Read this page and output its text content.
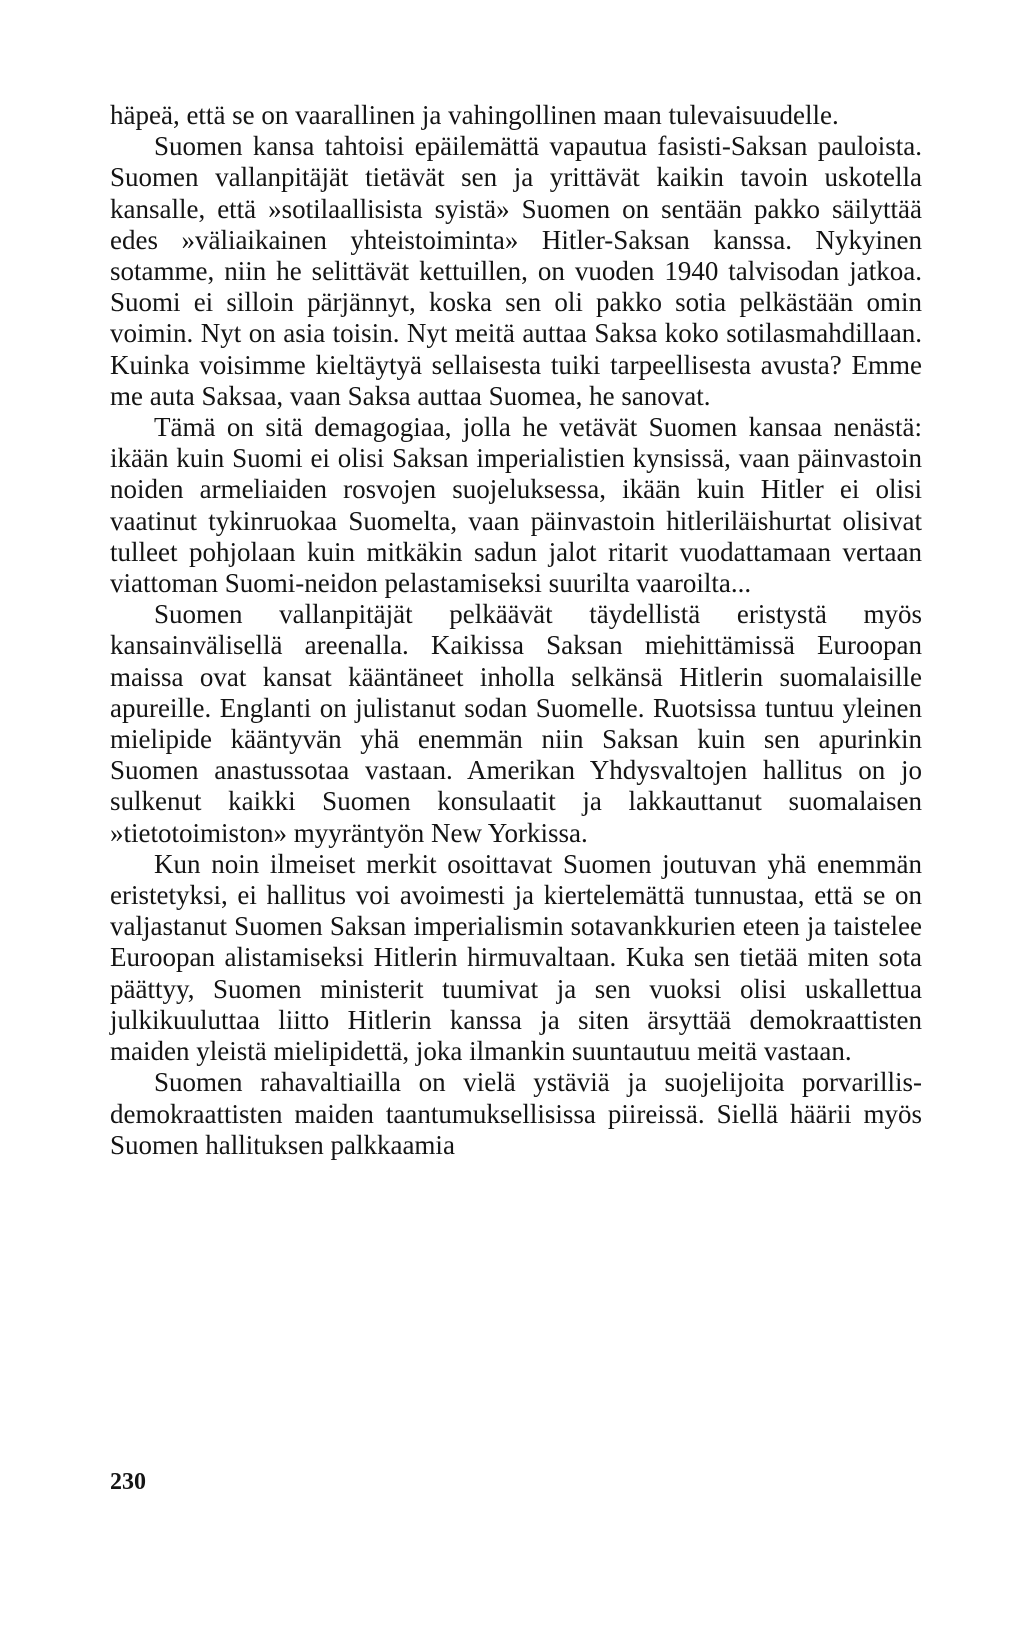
häpeä, että se on vaarallinen ja vahingollinen maan tulevaisuudelle.

Suomen kansa tahtoisi epäilemättä vapautua fasisti-Saksan pauloista. Suomen vallanpitäjät tietävät sen ja yrittävät kaikin tavoin uskotella kansalle, että »sotilaallisista syistä» Suomen on sentään pakko säilyttää edes »väliaikainen yhteistoiminta» Hitler-Saksan kanssa. Nykyinen sotamme, niin he selittävät kettuillen, on vuoden 1940 talvisodan jatkoa. Suomi ei silloin pärjännyt, koska sen oli pakko sotia pelkästään omin voimin. Nyt on asia toisin. Nyt meitä auttaa Saksa koko sotilasmahdillaan. Kuinka voisimme kieltäytyä sellaisesta tuiki tarpeellisesta avusta? Emme me auta Saksaa, vaan Saksa auttaa Suomea, he sanovat.

Tämä on sitä demagogiaa, jolla he vetävät Suomen kansaa nenästä: ikään kuin Suomi ei olisi Saksan imperialistien kynsissä, vaan päinvastoin noiden armeliaiden rosvojen suojeluksessa, ikään kuin Hitler ei olisi vaatinut tykinruokaa Suomelta, vaan päinvastoin hitleriläishurtat olisivat tulleet pohjolaan kuin mitkäkin sadun jalot ritarit vuodattamaan vertaan viattoman Suomi-neidon pelastamiseksi suurilta vaaroilta...

Suomen vallanpitäjät pelkäävät täydellistä eristystä myös kansainvälisellä areenalla. Kaikissa Saksan miehittämissä Euroopan maissa ovat kansat kääntäneet inholla selkänsä Hitlerin suomalaisille apureille. Englanti on julistanut sodan Suomelle. Ruotsissa tuntuu yleinen mielipide kääntyvän yhä enemmän niin Saksan kuin sen apurinkin Suomen anastussotaa vastaan. Amerikan Yhdysvaltojen hallitus on jo sulkenut kaikki Suomen konsulaatit ja lakkauttanut suomalaisen »tietotoimiston» myyräntyön New Yorkissa.

Kun noin ilmeiset merkit osoittavat Suomen joutuvan yhä enemmän eristetyksi, ei hallitus voi avoimesti ja kiertelemättä tunnustaa, että se on valjastanut Suomen Saksan imperialismin sotavankkurien eteen ja taistelee Euroopan alistamiseksi Hitlerin hirmuvaltaan. Kuka sen tietää miten sota päättyy, Suomen ministerit tuumivat ja sen vuoksi olisi uskallettua julkikuuluttaa liitto Hitlerin kanssa ja siten ärsyttää demokraattisten maiden yleistä mielipidettä, joka ilmankin suuntautuu meitä vastaan.

Suomen rahavaltiailla on vielä ystäviä ja suojelijoita porvarillis-demokraattisten maiden taantumuksellisissa piireissä. Siellä häärii myös Suomen hallituksen palkkaamia

230
